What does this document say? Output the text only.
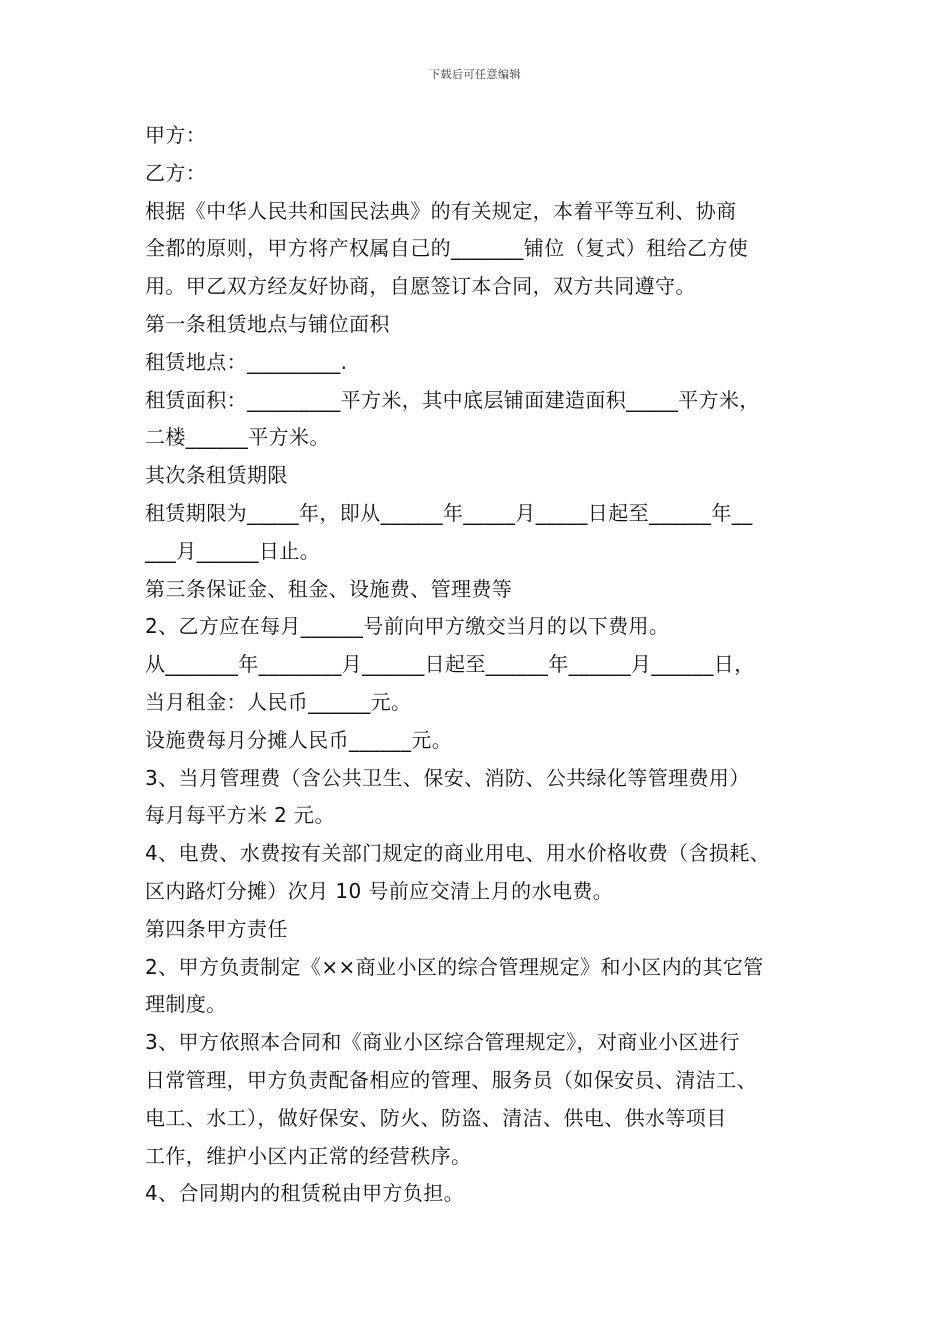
下载后可任意编辑
甲方：
乙方：
根据《中华人民共和国民法典》的有关规定，本着平等互利、协商
全都的原则，甲方将产权属自己的_______铺位（复式）租给乙方使
用。甲乙双方经友好协商，自愿签订本合同，双方共同遵守。
第一条租赁地点与铺位面积
租赁地点：_________.
租赁面积：_________平方米，其中底层铺面建造面积_____平方米，
二楼______平方米。
其次条租赁期限
租赁期限为_____年，即从______年_____月_____日起至______年__
___月______日止。
第三条保证金、租金、设施费、管理费等
2、乙方应在每月______号前向甲方缴交当月的以下费用。
从_______年________月______日起至______年______月______日，
当月租金：人民币______元。
设施费每月分摊人民币______元。
3、当月管理费（含公共卫生、保安、消防、公共绿化等管理费用）
每月每平方米 2 元。
4、电费、水费按有关部门规定的商业用电、用水价格收费（含损耗、
区内路灯分摊）次月 10 号前应交清上月的水电费。
第四条甲方责任
2、甲方负责制定《××商业小区的综合管理规定》和小区内的其它管
理制度。
3、甲方依照本合同和《商业小区综合管理规定》，对商业小区进行
日常管理，甲方负责配备相应的管理、服务员（如保安员、清洁工、
电工、水工），做好保安、防火、防盗、清洁、供电、供水等项目
工作，维护小区内正常的经营秩序。
4、合同期内的租赁税由甲方负担。
